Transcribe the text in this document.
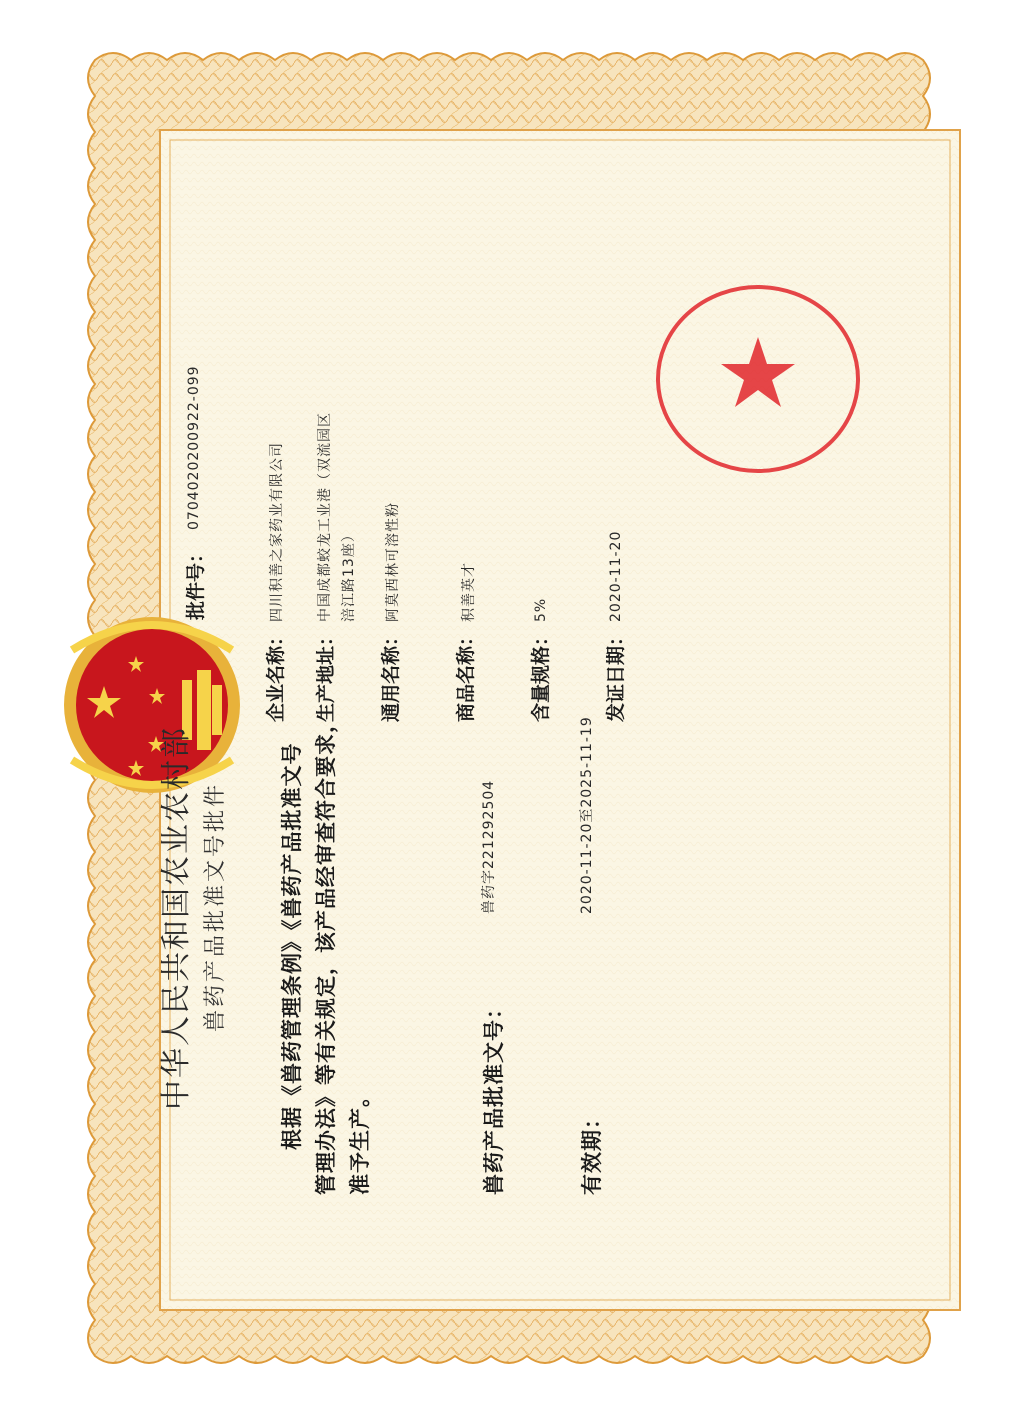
中华人民共和国农业农村部 兽药产品批准文号批件 根据《兽药管理条例》《兽药产品批准文号 管理办法》等有关规定，该产品经审查符合要求， 准予生产。	兽药产品批准文号：
兽药字221292504
有效期：
2020-11-20至2025-11-19
批件号：
0704020200922-099
企业名称：
四川积善之家药业有限公司
生产地址：
中国成都蛟龙工业港（双流园区 涪江路13座）
通用名称：
阿莫西林可溶性粉
商品名称：
积善英才
含量规格：
5%
发证日期：
2020-11-20
